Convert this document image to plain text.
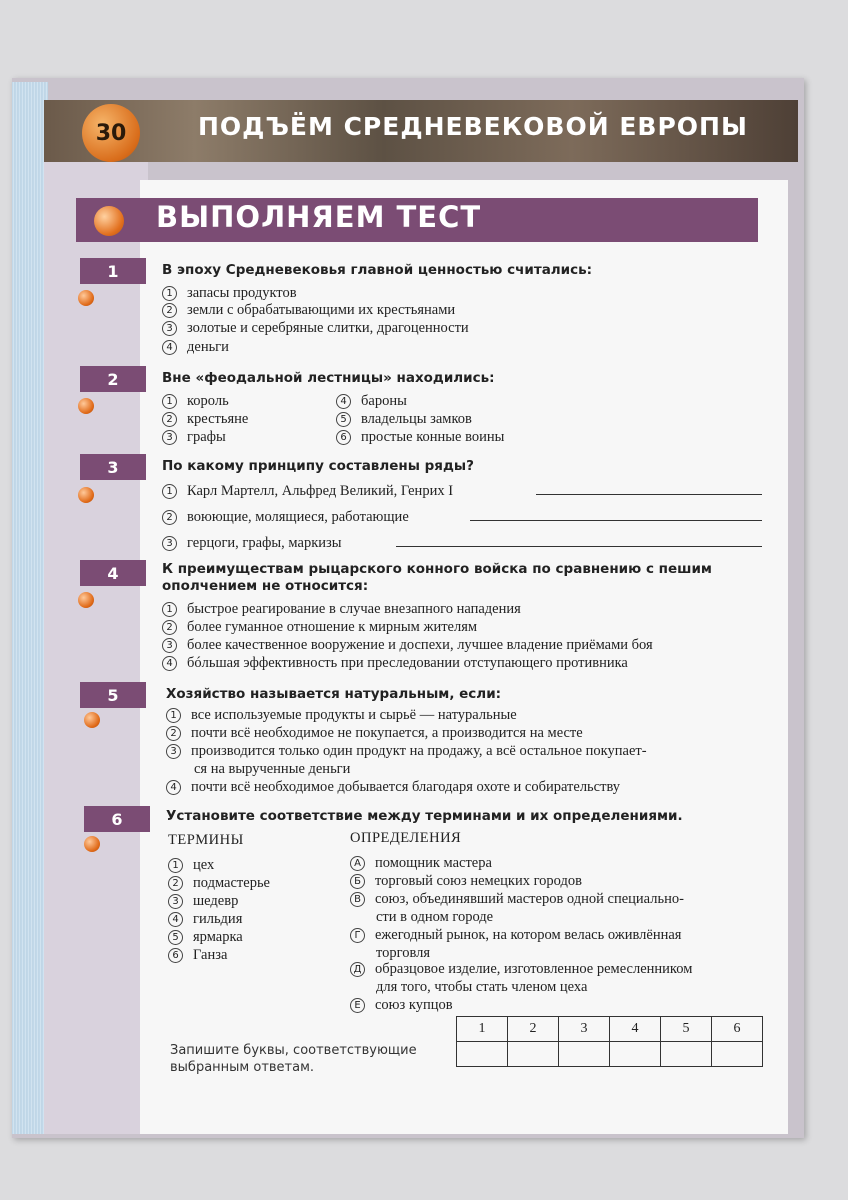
30	ПОДЪЁМ СРЕДНЕВЕКОВОЙ ЕВРОПЫ
ВЫПОЛНЯЕМ ТЕСТ
1	В эпоху Средневековья главной ценностью считались:
1 запасы продуктов
2 земли с обрабатывающими их крестьянами
3 золотые и серебряные слитки, драгоценности
4 деньги
2	Вне «феодальной лестницы» находились:
1 король
2 крестьяне
3 графы
4 бароны
5 владельцы замков
6 простые конные воины
3	По какому принципу составлены ряды?
1 Карл Мартелл, Альфред Великий, Генрих I
2 воюющие, молящиеся, работающие
3 герцоги, графы, маркизы
4	К преимуществам рыцарского конного войска по сравнению с пешим
ополчением не относится:
1 быстрое реагирование в случае внезапного нападения
2 более гуманное отношение к мирным жителям
3 более качественное вооружение и доспехи, лучшее владение приёмами боя
4 бóльшая эффективность при преследовании отступающего противника
5	Хозяйство называется натуральным, если:
1 все используемые продукты и сырьё — натуральные
2 почти всё необходимое не покупается, а производится на месте
3 производится только один продукт на продажу, а всё остальное покупает-
ся на вырученные деньги
4 почти всё необходимое добывается благодаря охоте и собирательству
6	Установите соответствие между терминами и их определениями.
ТЕРМИНЫ	ОПРЕДЕЛЕНИЯ
1 цех
2 подмастерье
3 шедевр
4 гильдия
5 ярмарка
6 Ганза
А помощник мастера
Б торговый союз немецких городов
В союз, объединявший мастеров одной специально-
сти в одном городе
Г ежегодный рынок, на котором велась оживлённая
торговля
Д образцовое изделие, изготовленное ремесленником
для того, чтобы стать членом цеха
Е союз купцов
1	2	3	4	5	6

Запишите буквы, соответствующие
выбранным ответам.
